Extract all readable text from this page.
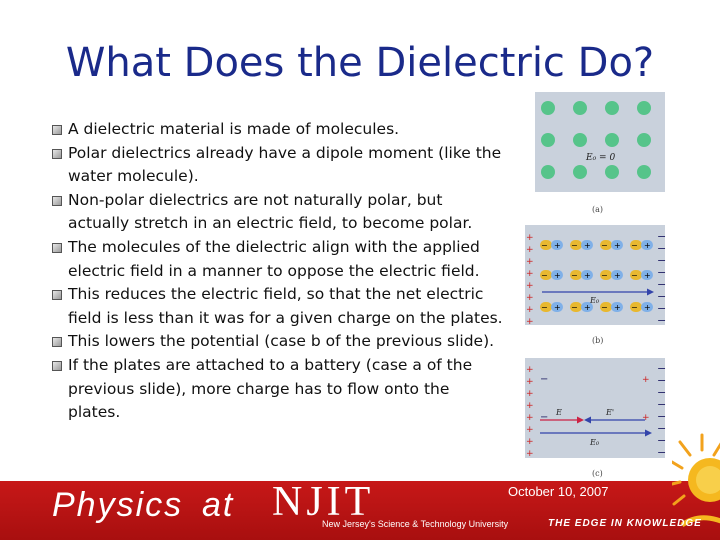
What Does the Dielectric Do?
A dielectric material is made of molecules.
Polar dielectrics already have a dipole moment (like the water molecule).
Non-polar dielectrics are not naturally polar, but actually stretch in an electric field, to become polar.
The molecules of the dielectric align with the applied electric field in a manner to oppose the electric field.
This reduces the electric field, so that the net electric field is less than it was for a given charge on the plates.
This lowers the potential (case b of the previous slide).
If the plates are attached to a battery (case a of the previous slide), more charge has to flow onto the plates.
E₀ = 0
(a)
+
+
+
+
+
+
+
+
−
−
−
−
−
−
−
−
− + − + − + − +
− + − + − + − +
− + − + − + − +
E₀
(b)
+
+
+
+
+
+
+
+
−
−
−
−
−
−
−
−
−
−
+
+
E	E'
E₀
(c)
October 10, 2007
Physics at NJIT
New Jersey's Science & Technology University	THE EDGE IN KNOWLEDGE
